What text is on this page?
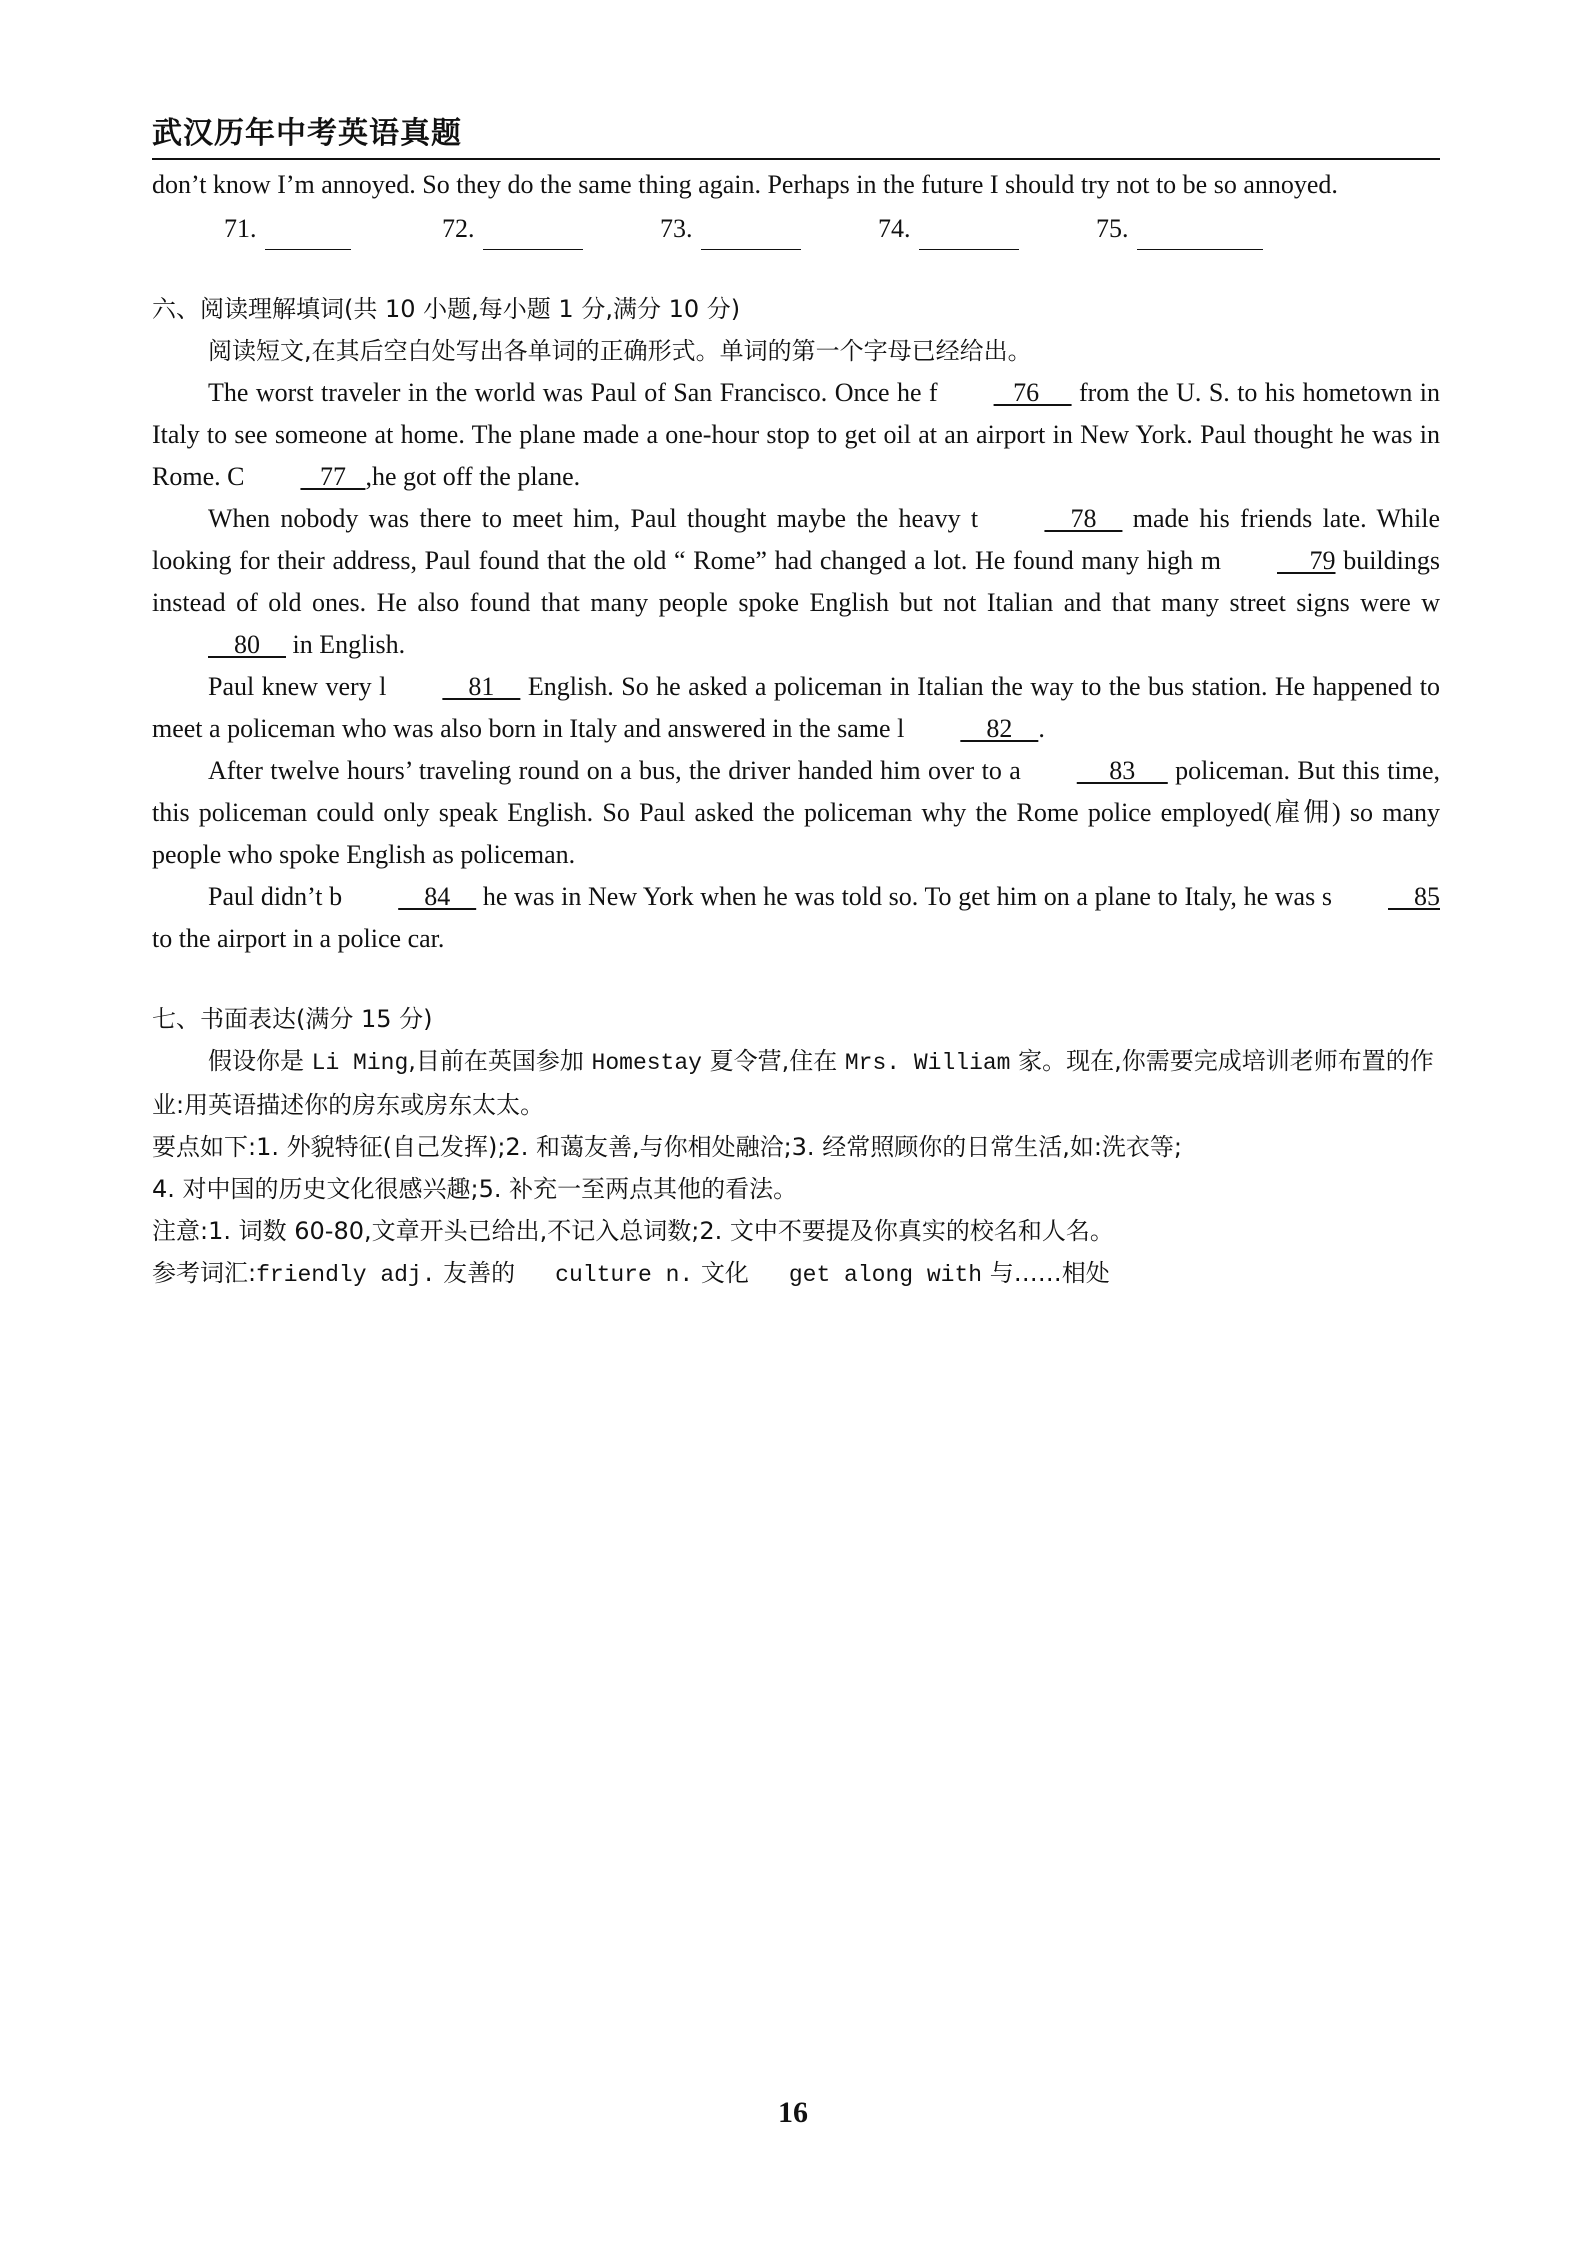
武汉历年中考英语真题

don’t know I’m annoyed. So they do the same thing again. Perhaps in the future I should try not to be so annoyed.

71.	72.	73.	74.	75.

六、阅读理解填词(共 10 小题,每小题 1 分,满分 10 分)

阅读短文,在其后空白处写出各单词的正确形式。单词的第一个字母已经给出。

The worst traveler in the world was Paul of San Francisco. Once he f   76      from the U. S. to his hometown in Italy to see someone at home. The plane made a one-hour stop to get oil at an airport in New York. Paul thought he was in Rome. C   77   ,he got off the plane.

When nobody was there to meet him, Paul thought maybe the heavy t     78     made his friends late. While looking for their address, Paul found that the old “ Rome” had changed a lot. He found many high m     79 buildings instead of old ones. He also found that many people spoke English but not Italian and that many street signs were w    80     in English.

Paul knew very l    81     English. So he asked a policeman in Italian the way to the bus station. He happened to meet a policeman who was also born in Italy and answered in the same l    82    .

After twelve hours’ traveling round on a bus, the driver handed him over to a     83      policeman. But this time, this policeman could only speak English. So Paul asked the policeman why the Rome police employed(雇佣) so many people who spoke English as policeman.

Paul didn’t b    84     he was in New York when he was told so. To get him on a plane to Italy, he was s    85 to the airport in a police car.

七、书面表达(满分 15 分)

假设你是 Li Ming,目前在英国参加 Homestay 夏令营,住在 Mrs. William 家。现在,你需要完成培训老师布置的作业:用英语描述你的房东或房东太太。

要点如下:1. 外貌特征(自己发挥);2. 和蔼友善,与你相处融洽;3. 经常照顾你的日常生活,如:洗衣等;

4. 对中国的历史文化很感兴趣;5. 补充一至两点其他的看法。

注意:1. 词数 60-80,文章开头已给出,不记入总词数;2. 文中不要提及你真实的校名和人名。

参考词汇:friendly adj. 友善的 culture n. 文化 get along with 与……相处

16
